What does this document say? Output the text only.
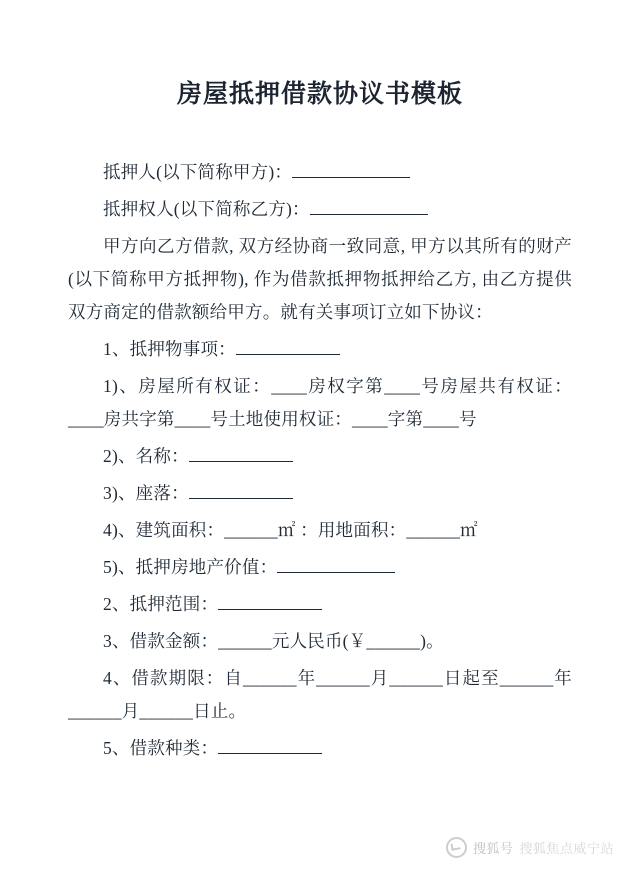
房屋抵押借款协议书模板

抵押人(以下简称甲方)：

抵押权人(以下简称乙方)：

甲方向乙方借款, 双方经协商一致同意, 甲方以其所有的财产(以下简称甲方抵押物), 作为借款抵押物抵押给乙方, 由乙方提供双方商定的借款额给甲方。就有关事项订立如下协议：

1、抵押物事项：

1)、房屋所有权证：____房权字第____号房屋共有权证：____房共字第____号土地使用权证：____字第____号

2)、名称：

3)、座落：

4)、建筑面积：______㎡ ：用地面积：______㎡

5)、抵押房地产价值：

2、抵押范围：

3、借款金额：______元人民币(￥______)。

4、借款期限：自______年______月______日起至______年______月______日止。

5、借款种类：

搜狐号 搜狐焦点威宁站
